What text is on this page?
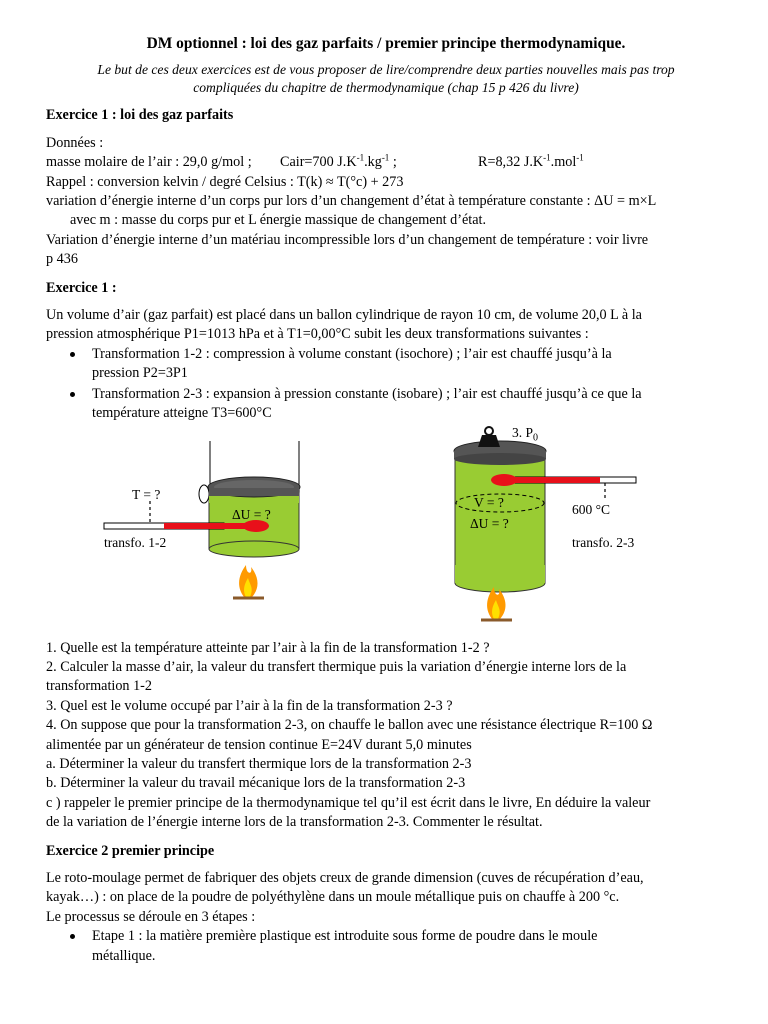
DM optionnel : loi des gaz parfaits / premier principe thermodynamique.
Le but de ces deux exercices est de vous proposer de lire/comprendre deux parties nouvelles mais pas trop
compliquées du chapitre de thermodynamique (chap 15 p 426 du livre)
Exercice 1 : loi des gaz parfaits
Données :
masse molaire de l’air : 29,0 g/mol ;	Cair=700 $J.K^{-1}.kg^{-1}$ ;	R=8,32 $J.K^{-1}.mol^{-1}$
Rappel : conversion kelvin / degré Celsius : T(k) ≈ T(°c) + 273
variation d’énergie interne d’un corps pur lors d’un changement d’état à température constante : ΔU = m×L
avec m : masse du corps pur et L énergie massique de changement d’état.
Variation d’énergie interne d’un matériau incompressible lors d’un changement de température : voir livre
p 436
Exercice 1 :
Un volume d’air (gaz parfait) est placé dans un ballon cylindrique de rayon 10 cm, de volume 20,0 L à la
pression atmosphérique P1=1013 hPa et à T1=0,00°C subit les deux transformations suivantes :
Transformation 1-2 : compression à volume constant (isochore) ; l’air est chauffé jusqu’à la
pression P2=3P1
Transformation 2-3 : expansion à pression constante (isobare) ; l’air est chauffé jusqu’à ce que la
température atteigne T3=600°C
T = ?
ΔU = ?
transfo. 1-2
3. $P_0$
V = ?
ΔU = ?
600 °C
transfo. 2-3
1. Quelle est la température atteinte par l’air à la fin de la transformation 1-2 ?
2. Calculer la masse d’air, la valeur du transfert thermique puis la variation d’énergie interne lors de la
transformation 1-2
3. Quel est le volume occupé par l’air à la fin de la transformation 2-3 ?
4. On suppose que pour la transformation 2-3, on chauffe le ballon avec une résistance électrique R=100 Ω
alimentée par un générateur de tension continue E=24V durant 5,0 minutes
a. Déterminer la valeur du transfert thermique lors de la transformation 2-3
b. Déterminer la valeur du travail mécanique lors de la transformation 2-3
c ) rappeler le premier principe de la thermodynamique tel qu’il est écrit dans le livre, En déduire la valeur
de la variation de l’énergie interne lors de la transformation 2-3. Commenter le résultat.
Exercice 2 premier principe
Le roto-moulage permet de fabriquer des objets creux de grande dimension (cuves de récupération d’eau,
kayak…) : on place de la poudre de polyéthylène dans un moule métallique puis on chauffe à 200 °c.
Le processus se déroule en 3 étapes :
Etape 1 : la matière première plastique est introduite sous forme de poudre dans le moule
métallique.
